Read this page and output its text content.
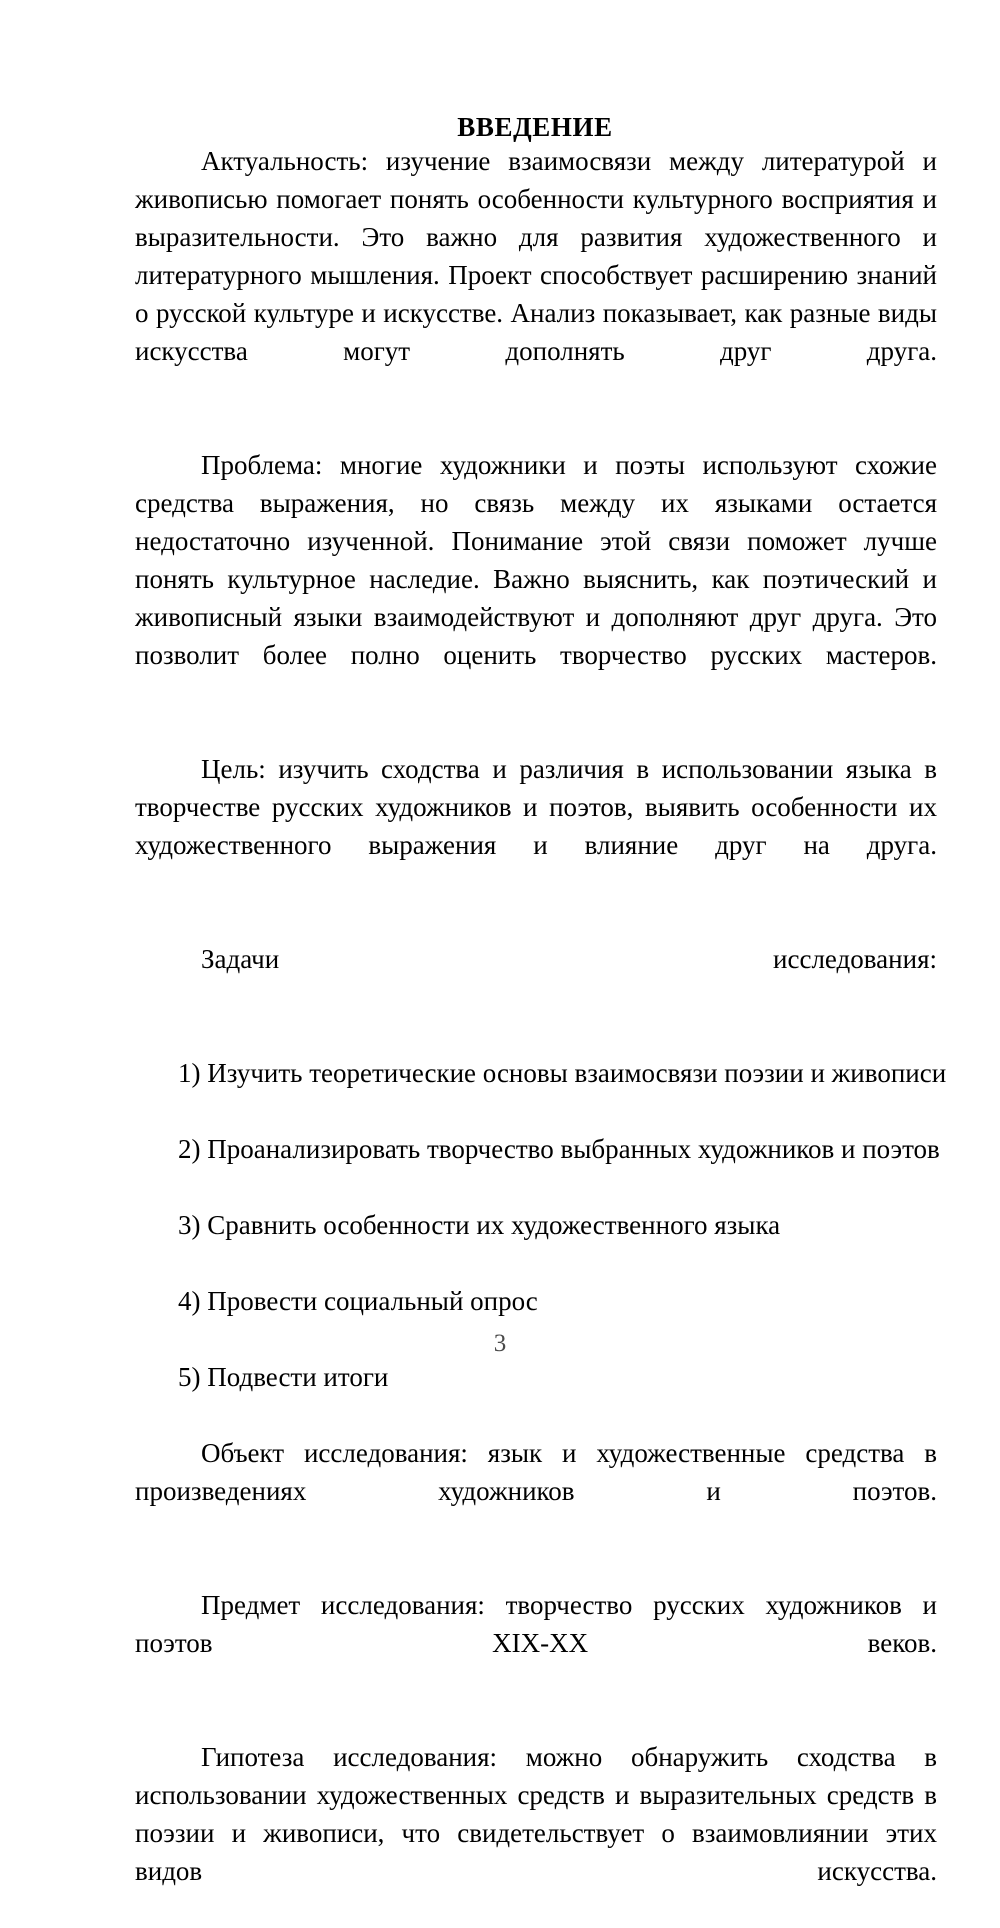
ВВЕДЕНИЕ

Актуальность: изучение взаимосвязи между литературой и живописью помогает понять особенности культурного восприятия и выразительности. Это важно для развития художественного и литературного мышления. Проект способствует расширению знаний о русской культуре и искусстве. Анализ показывает, как разные виды искусства могут дополнять друг друга.

Проблема: многие художники и поэты используют схожие средства выражения, но связь между их языками остается недостаточно изученной. Понимание этой связи поможет лучше понять культурное наследие. Важно выяснить, как поэтический и живописный языки взаимодействуют и дополняют друг друга. Это позволит более полно оценить творчество русских мастеров.

Цель: изучить сходства и различия в использовании языка в творчестве русских художников и поэтов, выявить особенности их художественного выражения и влияние друг на друга.

Задачи исследования:

1) Изучить теоретические основы взаимосвязи поэзии и живописи
2) Проанализировать творчество выбранных художников и поэтов
3) Сравнить особенности их художественного языка
4) Провести социальный опрос
5) Подвести итоги

Объект исследования: язык и художественные средства в произведениях художников и поэтов.

Предмет исследования: творчество русских художников и поэтов XIX-XX веков.

Гипотеза исследования: можно обнаружить сходства в использовании художественных средств и выразительных средств в поэзии и живописи, что свидетельствует о взаимовлиянии этих видов искусства.

3
